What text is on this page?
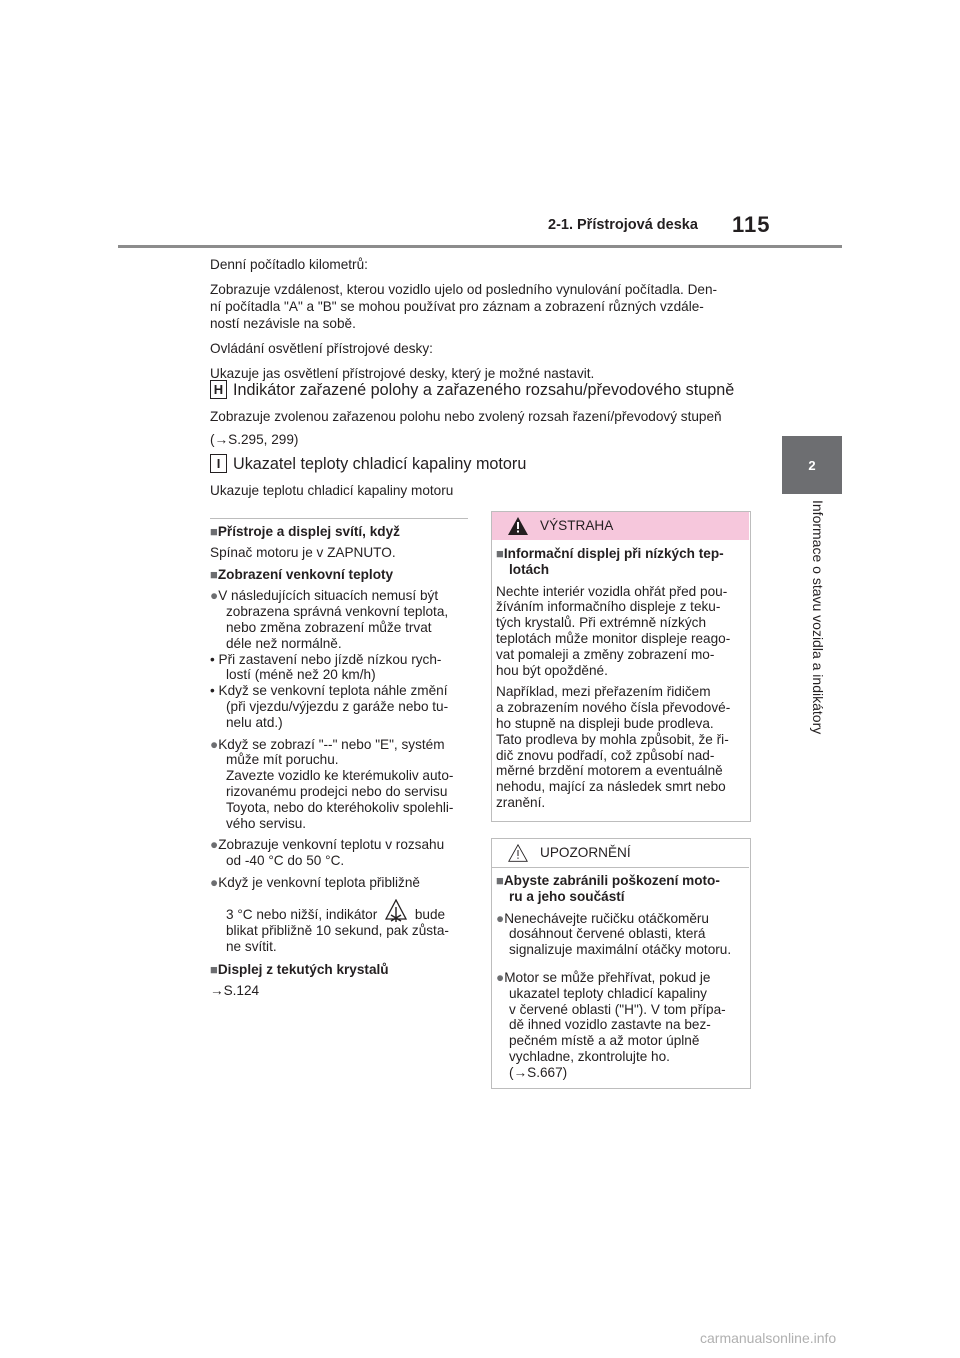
2-1. Přístrojová deska 115
2
Informace o stavu vozidla a indikátory

Denní počítadlo kilometrů:

Zobrazuje vzdálenost, kterou vozidlo ujelo od posledního vynulování počítadla. Den-

ní počítadla "A" a "B" se mohou používat pro záznam a zobrazení různých vzdále-

ností nezávisle na sobě.

Ovládání osvětlení přístrojové desky:

Ukazuje jas osvětlení přístrojové desky, který je možné nastavit.

H Indikátor zařazené polohy a zařazeného rozsahu/převodového stupně

Zobrazuje zvolenou zařazenou polohu nebo zvolený rozsah řazení/převodový stupeň

(→S.295, 299)

I Ukazatel teploty chladicí kapaliny motoru

Ukazuje teplotu chladicí kapaliny motoru

■Přístroje a displej svítí, když

Spínač motoru je v ZAPNUTO.

■Zobrazení venkovní teploty

●V následujících situacích nemusí být

zobrazena správná venkovní teplota,

nebo změna zobrazení může trvat

déle než normálně.

• Při zastavení nebo jízdě nízkou rych-

lostí (méně než 20 km/h)

• Když se venkovní teplota náhle změní

(při vjezdu/výjezdu z garáže nebo tu-

nelu atd.)

●Když se zobrazí "--" nebo "E", systém

může mít poruchu.

Zavezte vozidlo ke kterémukoliv auto-

rizovanému prodejci nebo do servisu

Toyota, nebo do kteréhokoliv spolehli-

vého servisu.

●Zobrazuje venkovní teplotu v rozsahu

od -40 °C do 50 °C.

●Když je venkovní teplota přibližně

3 °C nebo nižší, indikátor	bude

blikat přibližně 10 sekund, pak zůsta-

ne svítit.

■Displej z tekutých krystalů

→S.124

VÝSTRAHA

■Informační displej při nízkých tep-

lotách

Nechte interiér vozidla ohřát před pou-

žíváním informačního displeje z teku-

tých krystalů. Při extrémně nízkých

teplotách může monitor displeje reago-

vat pomaleji a změny zobrazení mo-

hou být opožděné.

Například, mezi přeřazením řidičem

a zobrazením nového čísla převodové-

ho stupně na displeji bude prodleva.

Tato prodleva by mohla způsobit, že ři-

dič znovu podřadí, což způsobí nad-

měrné brzdění motorem a eventuálně

nehodu, mající za následek smrt nebo

zranění.

UPOZORNĚNÍ

■Abyste zabránili poškození moto-

ru a jeho součástí

●Nenechávejte ručičku otáčkoměru

dosáhnout červené oblasti, která

signalizuje maximální otáčky motoru.

●Motor se může přehřívat, pokud je

ukazatel teploty chladicí kapaliny

v červené oblasti ("H"). V tom přípa-

dě ihned vozidlo zastavte na bez-

pečném místě a až motor úplně

vychladne, zkontrolujte ho.

(→S.667)

carmanualsonline.info
